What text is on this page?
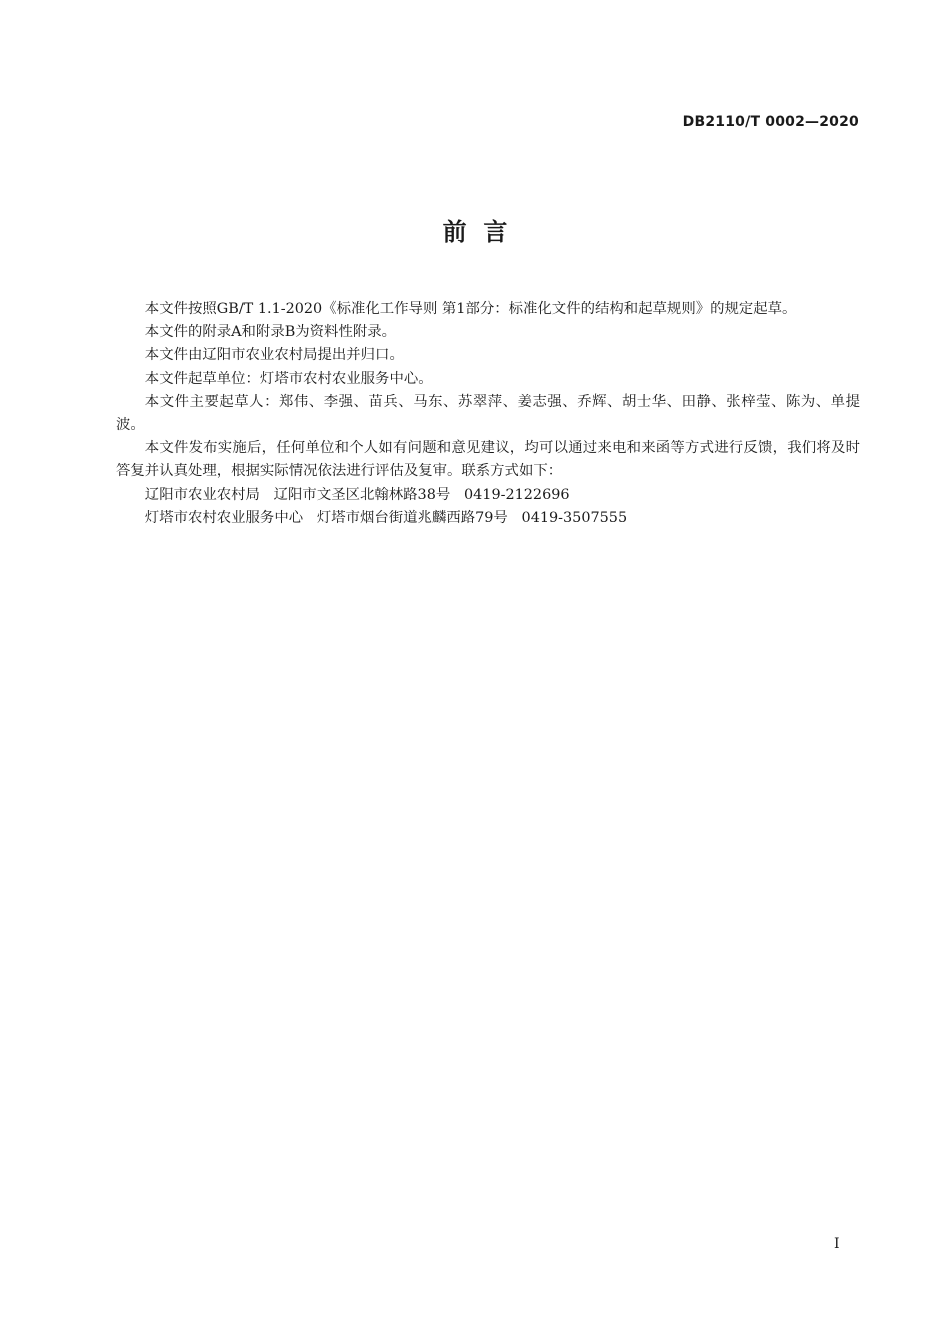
DB2110/T 0002—2020
前  言

本文件按照GB/T 1.1-2020《标准化工作导则 第1部分：标准化文件的结构和起草规则》的规定起草。

本文件的附录A和附录B为资料性附录。

本文件由辽阳市农业农村局提出并归口。

本文件起草单位：灯塔市农村农业服务中心。

本文件主要起草人：郑伟、李强、苗兵、马东、苏翠萍、姜志强、乔辉、胡士华、田静、张梓莹、陈为、单提波。

本文件发布实施后，任何单位和个人如有问题和意见建议，均可以通过来电和来函等方式进行反馈，我们将及时答复并认真处理，根据实际情况依法进行评估及复审。联系方式如下：

辽阳市农业农村局   辽阳市文圣区北翰林路38号   0419-2122696

灯塔市农村农业服务中心   灯塔市烟台街道兆麟西路79号   0419-3507555

I
